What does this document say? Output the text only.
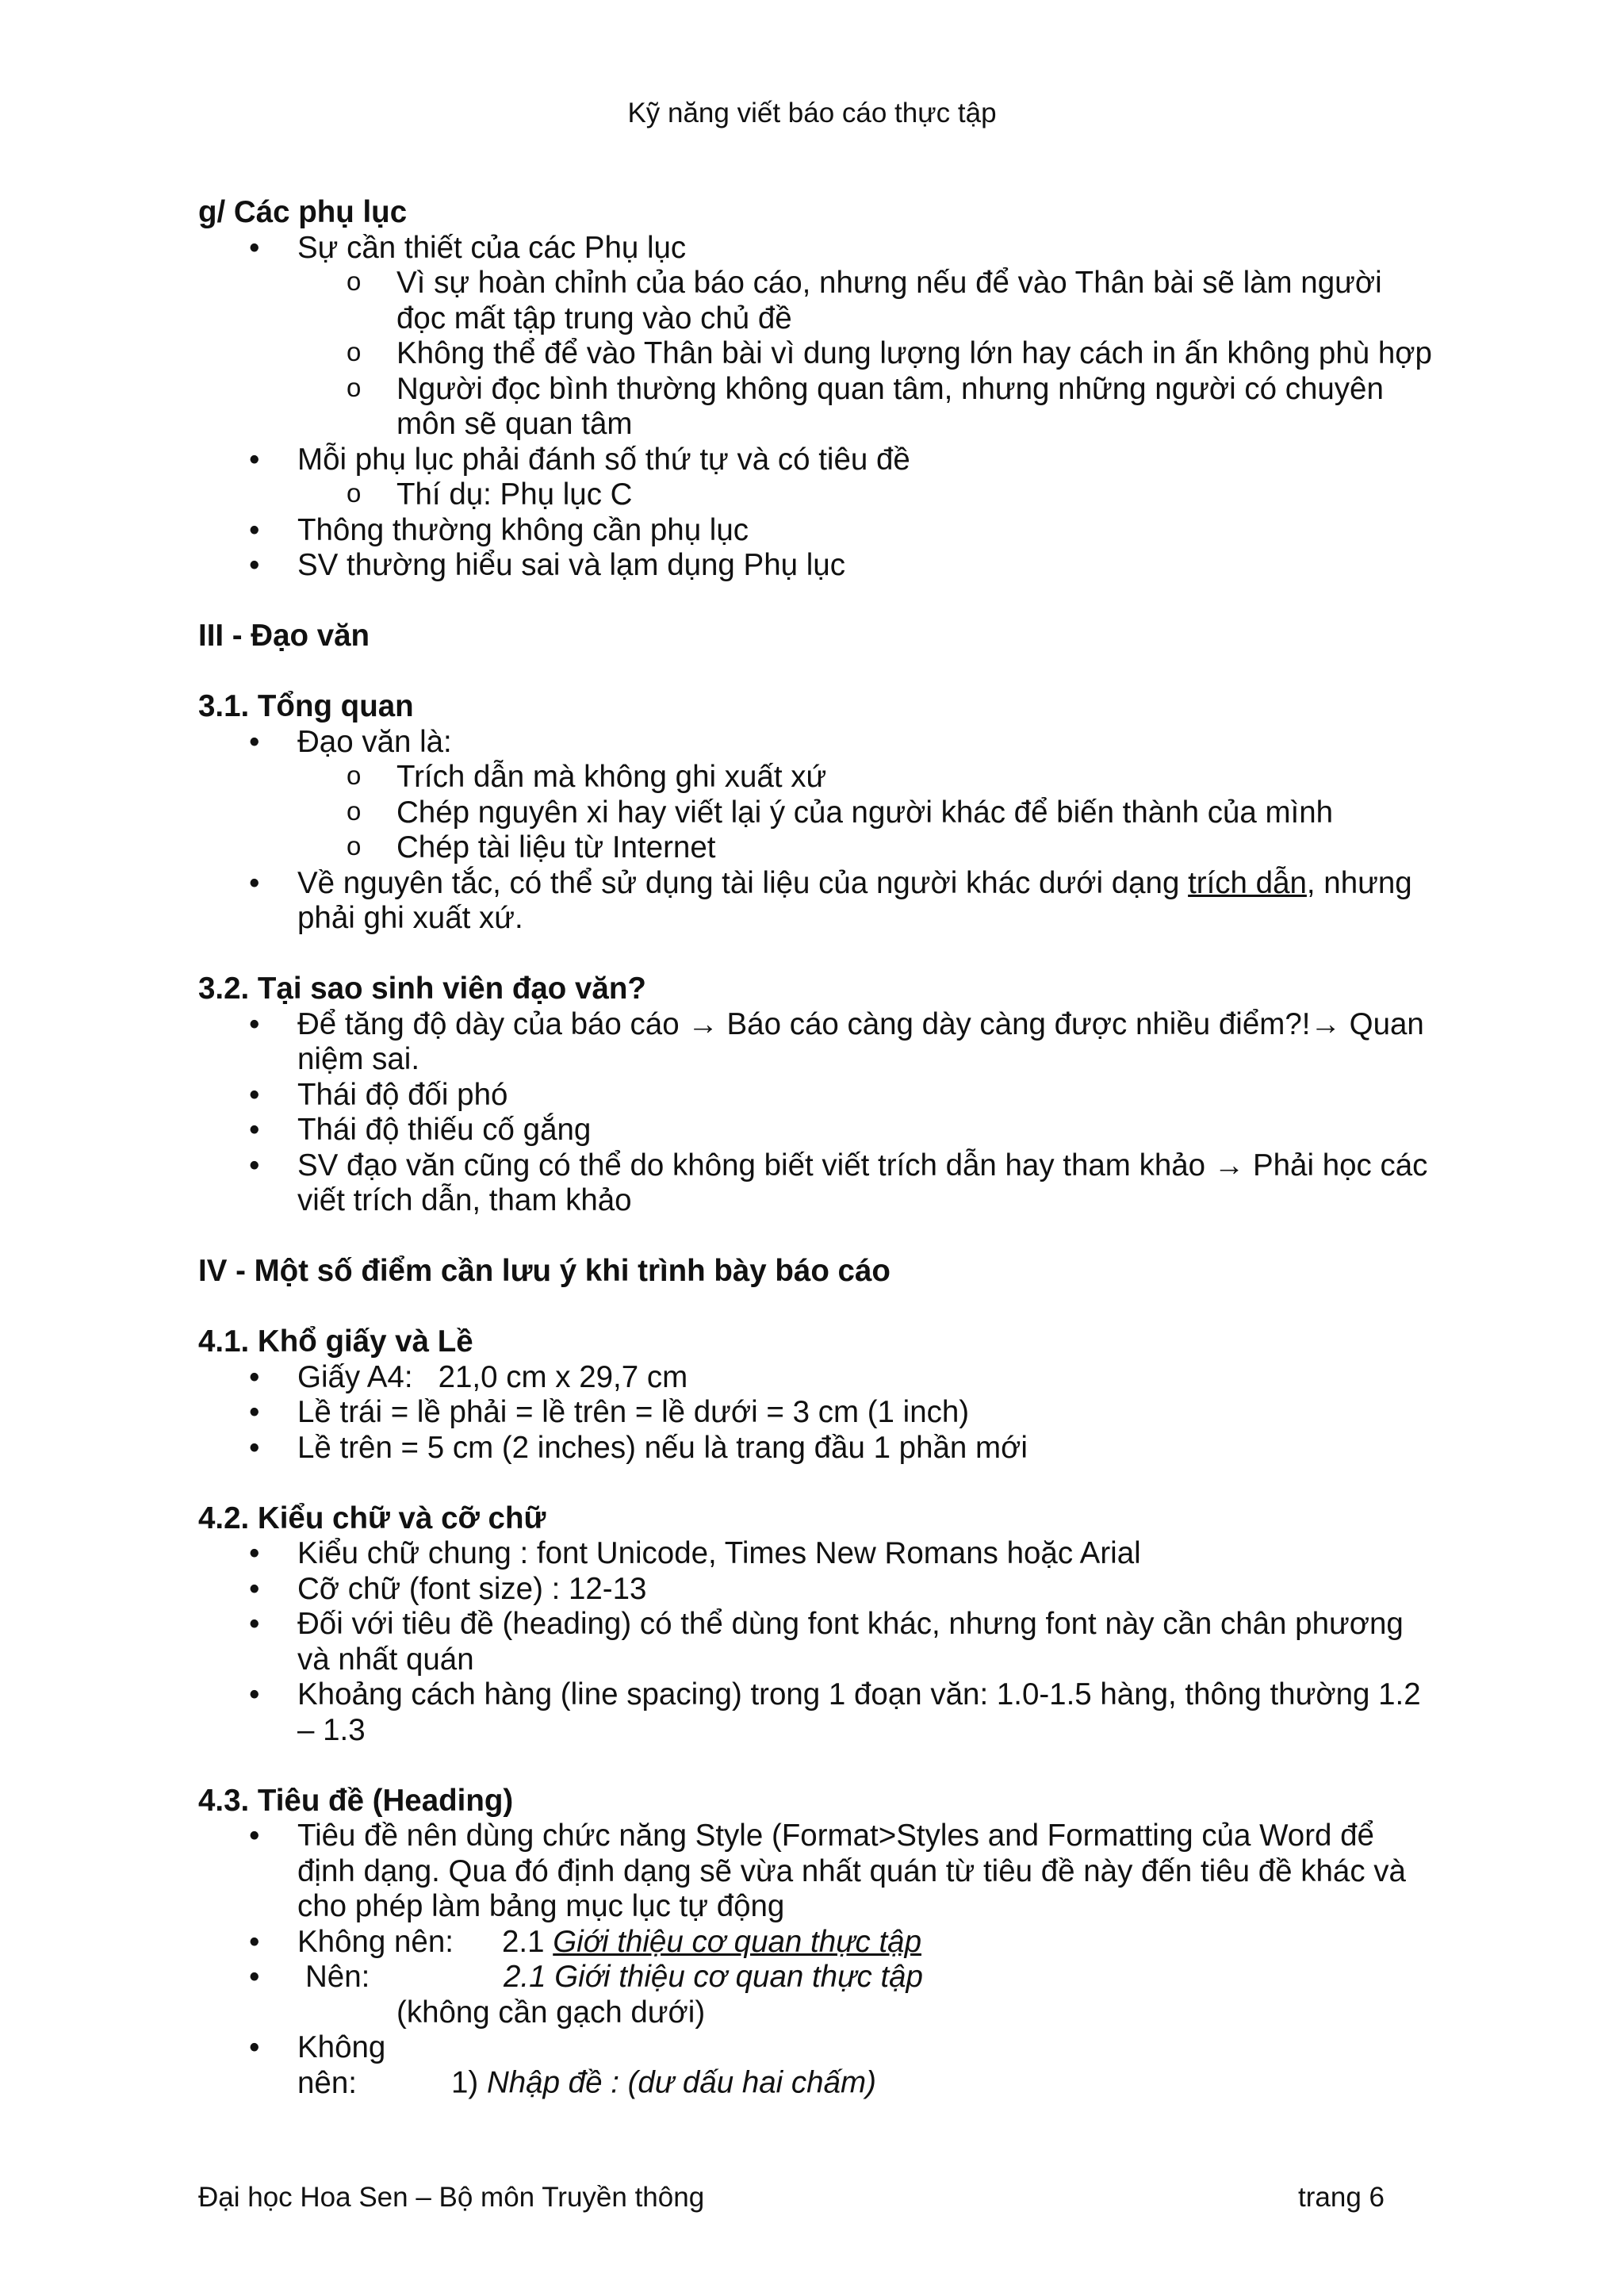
Kỹ năng viết báo cáo thực tập

g/ Các phụ lục

• Sự cần thiết của các Phụ lục

o Vì sự hoàn chỉnh của báo cáo, nhưng nếu để vào Thân bài sẽ làm người đọc mất tập trung vào chủ đề

o Không thể để vào Thân bài vì dung lượng lớn hay cách in ấn không phù hợp

o Người đọc bình thường không quan tâm, nhưng những người có chuyên môn sẽ quan tâm

• Mỗi phụ lục phải đánh số thứ tự và có tiêu đề

o Thí dụ: Phụ lục C

• Thông thường không cần phụ lục

• SV thường hiểu sai và lạm dụng Phụ lục

III - Đạo văn

3.1. Tổng quan

• Đạo văn là:

o Trích dẫn mà không ghi xuất xứ

o Chép nguyên xi hay viết lại ý của người khác để biến thành của mình

o Chép tài liệu từ Internet

• Về nguyên tắc, có thể sử dụng tài liệu của người khác dưới dạng trích dẫn, nhưng phải ghi xuất xứ.

3.2. Tại sao sinh viên đạo văn?

• Để tăng độ dày của báo cáo → Báo cáo càng dày càng được nhiều điểm?!→ Quan niệm sai.

• Thái độ đối phó

• Thái độ thiếu cố gắng

• SV đạo văn cũng có thể do không biết viết trích dẫn hay tham khảo → Phải học các viết trích dẫn, tham khảo

IV - Một số điểm cần lưu ý khi trình bày báo cáo

4.1. Khổ giấy và Lề

• Giấy A4:   21,0 cm x 29,7 cm

• Lề trái = lề phải = lề trên = lề dưới = 3 cm (1 inch)

• Lề trên = 5 cm (2 inches) nếu là trang đầu 1 phần mới

4.2. Kiểu chữ và cỡ chữ

• Kiểu chữ chung : font Unicode, Times New Romans hoặc Arial

• Cỡ chữ (font size) : 12-13

• Đối với tiêu đề (heading) có thể dùng font khác, nhưng font này cần chân phương và nhất quán

• Khoảng cách hàng (line spacing) trong 1 đoạn văn: 1.0-1.5 hàng, thông thường 1.2 – 1.3

4.3. Tiêu đề (Heading)

• Tiêu đề nên dùng chức năng Style (Format>Styles and Formatting của Word để định dạng. Qua đó định dạng sẽ vừa nhất quán từ tiêu đề này đến tiêu đề khác và cho phép làm bảng mục lục tự động

• Không nên: 2.1 Giới thiệu cơ quan thực tập

• Nên:	2.1 Giới thiệu cơ quan thực tập

(không cần gạch dưới)

• Không nên:	1) Nhập đề : (dư dấu hai chấm)

Đại học Hoa Sen – Bộ môn Truyền thông	trang 6
